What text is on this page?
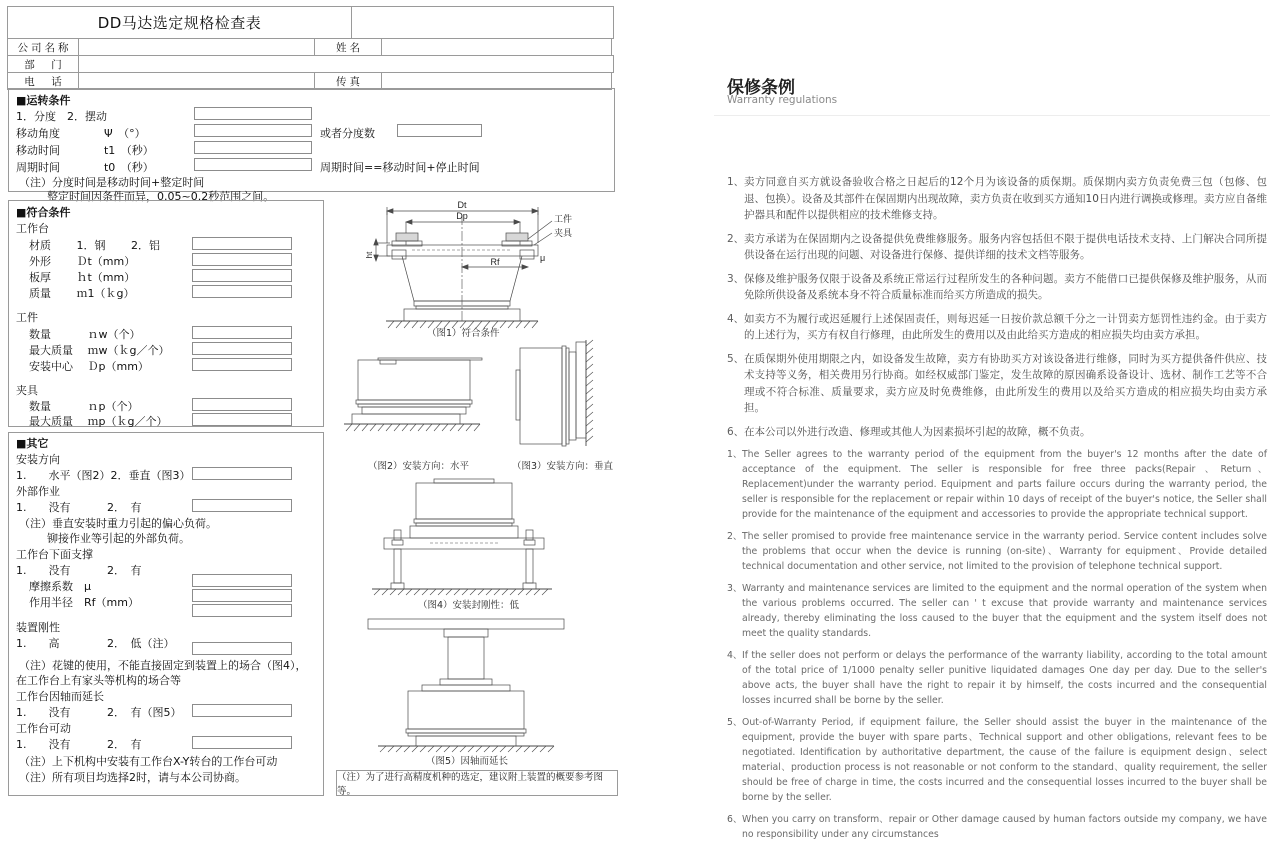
DD马达选定规格检查表
公司名称	姓名
部　门
电　话	传真
■运转条件
1．分度　2．摆动
移动角度　　　　Ψ　（°）	或者分度数
移动时间　　　　t1　（秒）
周期时间　　　　t0　（秒）	周期时间==移动时间+停止时间
（注）分度时间是移动时间+整定时间
整定时间因条件而异，0.05~0.2秒范围之间。
■符合条件
工作台
材质　　 1．钢　　 2．铝
外形　　 Ｄt（mm）
板厚　　 ｈt（mm）
质量　　 ｍ1（ｋg）
工件
数量　　　 ｎw（个）
最大质量　 ｍw（ｋg／个）
安装中心　 Ｄp（mm）
夹具
数量　　　 ｎp（个）
最大质量　 ｍp（ｋg／个）
■其它
安装方向
1.　　水平（图2）2．垂直（图3）
外部作业
1.　　没有　　　 2．　有
（注）垂直安装时重力引起的偏心负荷。
铆接作业等引起的外部负荷。
工作台下面支撑
1.　　没有　　　 2．　有
摩擦系数　μ
作用半径　Rf（mm）
装置刚性
1.　　高　　　　 2．　低（注）
（注）花键的使用，不能直接固定到装置上的场合（图4），
在工作台上有家头等机构的场合等
工作台因轴而延长
1.　　没有　　　 2．　有（图5）
工作台可动
1.　　没有　　　 2．　有
（注）上下机构中安装有工作台X-Y转台的工作台可动
（注）所有项目均选择2时，请与本公司协商。
Dt
Dp
Rf
ht	μ
工件
夹具
（图1）符合条件
（图2）安装方向：水平	（图3）安装方向：垂直
（图4）安装封刚性：低
（图5）因轴而延长
（注）为了进行高精度机种的选定，建议附上装置的概要参考图等。
保修条例
Warranty regulations
1、 卖方同意自买方就设备验收合格之日起后的12个月为该设备的质保期。质保期内卖方负责免费三包（包修、包退、包换）。设备及其部件在保固期内出现故障，卖方负责在收到买方通知10日内进行调换或修理。卖方应自备维护器具和配件以提供相应的技术维修支持。
2、 卖方承诺为在保固期内之设备提供免费维修服务。服务内容包括但不限于提供电话技术支持、上门解决合同所提供设备在运行出现的问题、对设备进行保修、提供详细的技术文档等服务。
3、 保修及维护服务仅限于设备及系统正常运行过程所发生的各种问题。卖方不能借口已提供保修及维护服务，从而免除所供设备及系统本身不符合质量标准而给买方所造成的损失。
4、 如卖方不为履行或迟延履行上述保固责任，则每迟延一日按价款总额千分之一计罚卖方惩罚性违约金。由于卖方的上述行为，买方有权自行修理，由此所发生的费用以及由此给买方造成的相应损失均由卖方承担。
5、 在质保期外使用期限之内，如设备发生故障，卖方有协助买方对该设备进行维修，同时为买方提供备件供应、技术支持等义务，相关费用另行协商。如经权威部门鉴定，发生故障的原因确系设备设计、选材、制作工艺等不合理或不符合标准、质量要求，卖方应及时免费维修，由此所发生的费用以及给买方造成的相应损失均由卖方承担。
6、 在本公司以外进行改造、修理或其他人为因素损坏引起的故障，概不负责。
1、 The Seller agrees to the warranty period of the equipment from the buyer's 12 months after the date of acceptance of the equipment. The seller is responsible for free three packs(Repair 、Return、Replacement)under the warranty period. Equipment and parts failure occurs during the warranty period, the seller is responsible for the replacement or repair within 10 days of receipt of the buyer's notice, the Seller shall provide for the maintenance of the equipment and accessories to provide the appropriate technical support.
2、 The seller promised to provide free maintenance service in the warranty period. Service content includes solve the problems that occur when the device is running (on-site)、Warranty for equipment、Provide detailed technical documentation and other service, not limited to the provision of telephone technical support.
3、 Warranty and maintenance services are limited to the equipment and the normal operation of the system when the various problems occurred. The seller can ' t excuse that provide warranty and maintenance services already, thereby eliminating the loss caused to the buyer that the equipment and the system itself does not meet the quality standards.
4、 If the seller does not perform or delays the performance of the warranty liability, according to the total amount of the total price of 1/1000 penalty seller punitive liquidated damages One day per day. Due to the seller's above acts, the buyer shall have the right to repair it by himself, the costs incurred and the consequential losses incurred shall be borne by the seller.
5、 Out-of-Warranty Period, if equipment failure, the Seller should assist the buyer in the maintenance of the equipment, provide the buyer with spare parts、Technical support and other obligations, relevant fees to be negotiated. Identification by authoritative department, the cause of the failure is equipment design、select material、production process is not reasonable or not conform to the standard、quality requirement, the seller should be free of charge in time, the costs incurred and the consequential losses incurred to the buyer shall be borne by the seller.
6、 When you carry on transform、repair or Other damage caused by human factors outside my company, we have no responsibility under any circumstances
